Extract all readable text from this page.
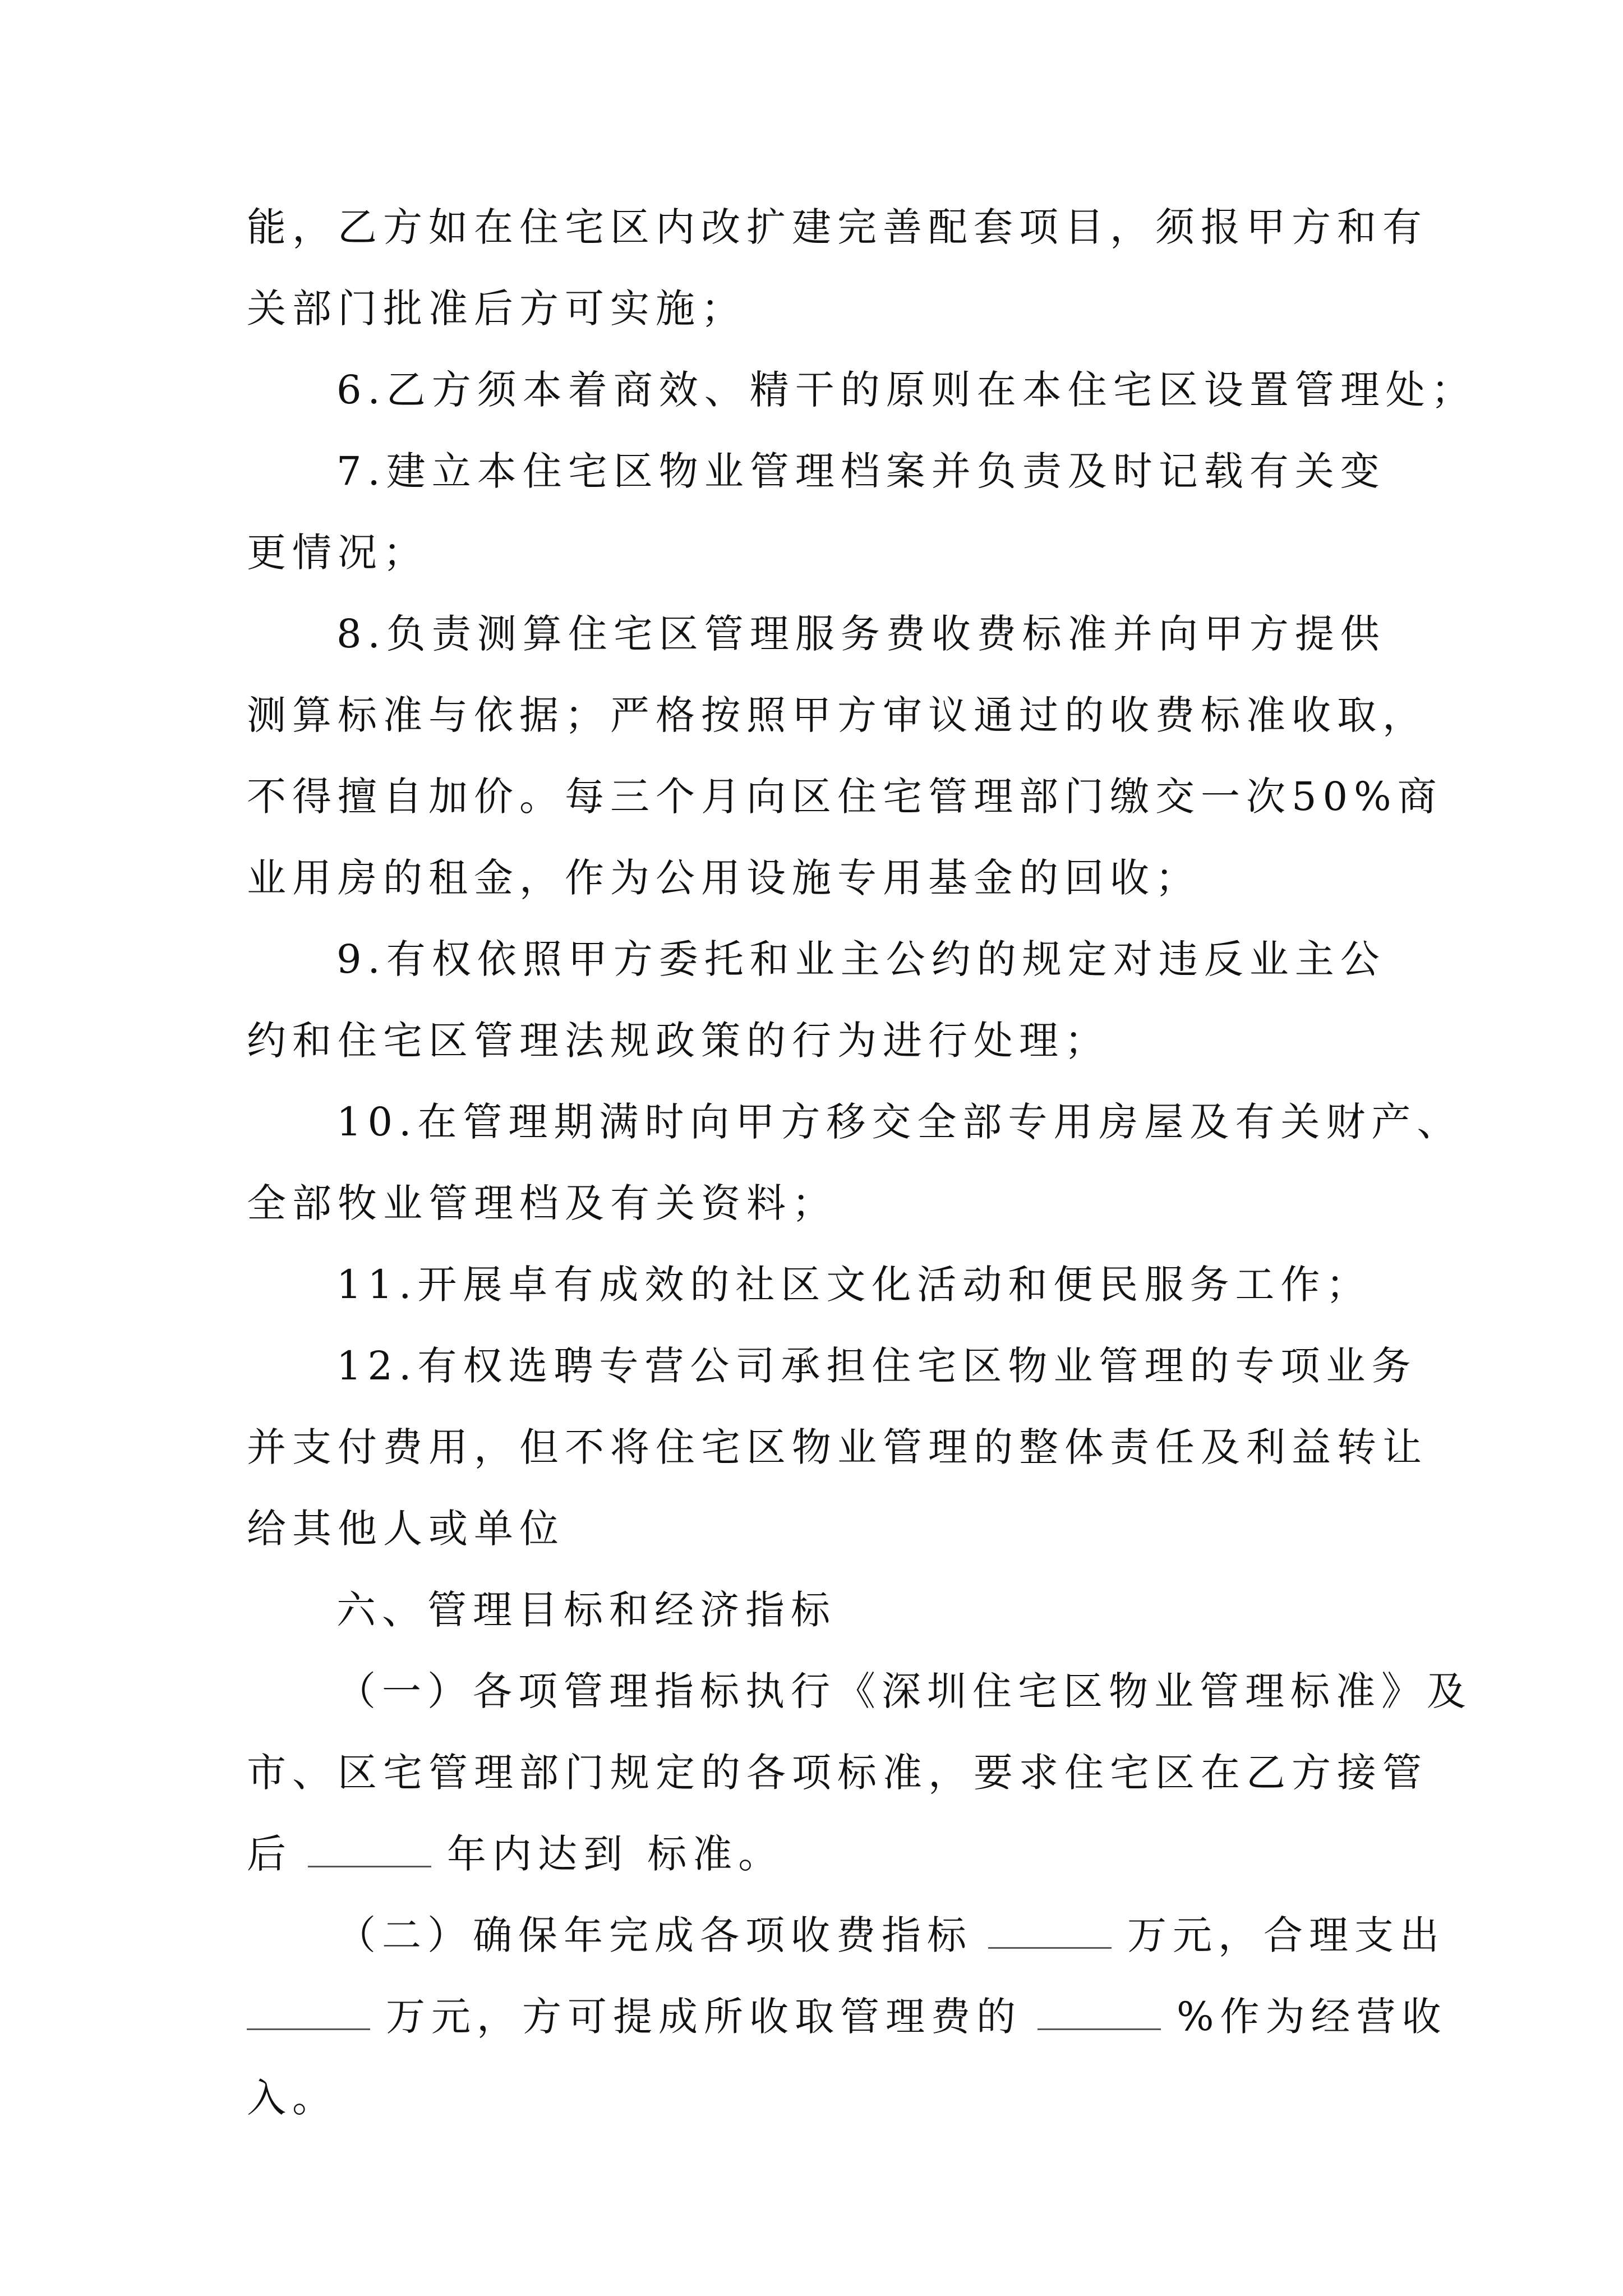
能，乙方如在住宅区内改扩建完善配套项目，须报甲方和有
关部门批准后方可实施；
6.乙方须本着商效、精干的原则在本住宅区设置管理处；
7.建立本住宅区物业管理档案并负责及时记载有关变
更情况；
8.负责测算住宅区管理服务费收费标准并向甲方提供
测算标准与依据；严格按照甲方审议通过的收费标准收取，
不得擅自加价。每三个月向区住宅管理部门缴交一次50%商
业用房的租金，作为公用设施专用基金的回收；
9.有权依照甲方委托和业主公约的规定对违反业主公
约和住宅区管理法规政策的行为进行处理；
10.在管理期满时向甲方移交全部专用房屋及有关财产、
全部牧业管理档及有关资料；
11.开展卓有成效的社区文化活动和便民服务工作；
12.有权选聘专营公司承担住宅区物业管理的专项业务
并支付费用，但不将住宅区物业管理的整体责任及利益转让
给其他人或单位
六、管理目标和经济指标
（一）各项管理指标执行《深圳住宅区物业管理标准》及
市、区宅管理部门规定的各项标准，要求住宅区在乙方接管
后	年内达到 标准。
（二）确保年完成各项收费指标	万元，合理支出
万元，方可提成所收取管理费的	%作为经营收
入。
